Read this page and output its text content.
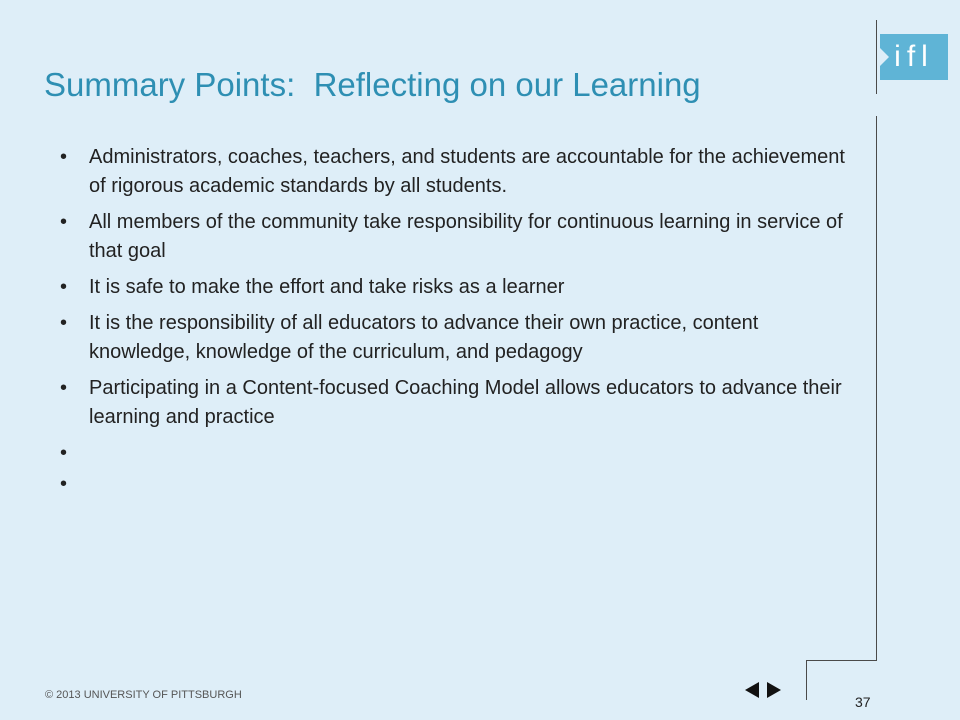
ifl
Summary Points:  Reflecting on our Learning
• Administrators, coaches, teachers, and students are accountable for the achievement of rigorous academic standards by all students.
• All members of the community take responsibility for continuous learning in service of that goal
• It is safe to make the effort and take risks as a learner
• It is the responsibility of all educators to advance their own practice, content knowledge, knowledge of the curriculum, and pedagogy
• Participating in a Content-focused Coaching Model allows educators to advance their learning and practice
•
•
© 2013 UNIVERSITY OF PITTSBURGH	37
